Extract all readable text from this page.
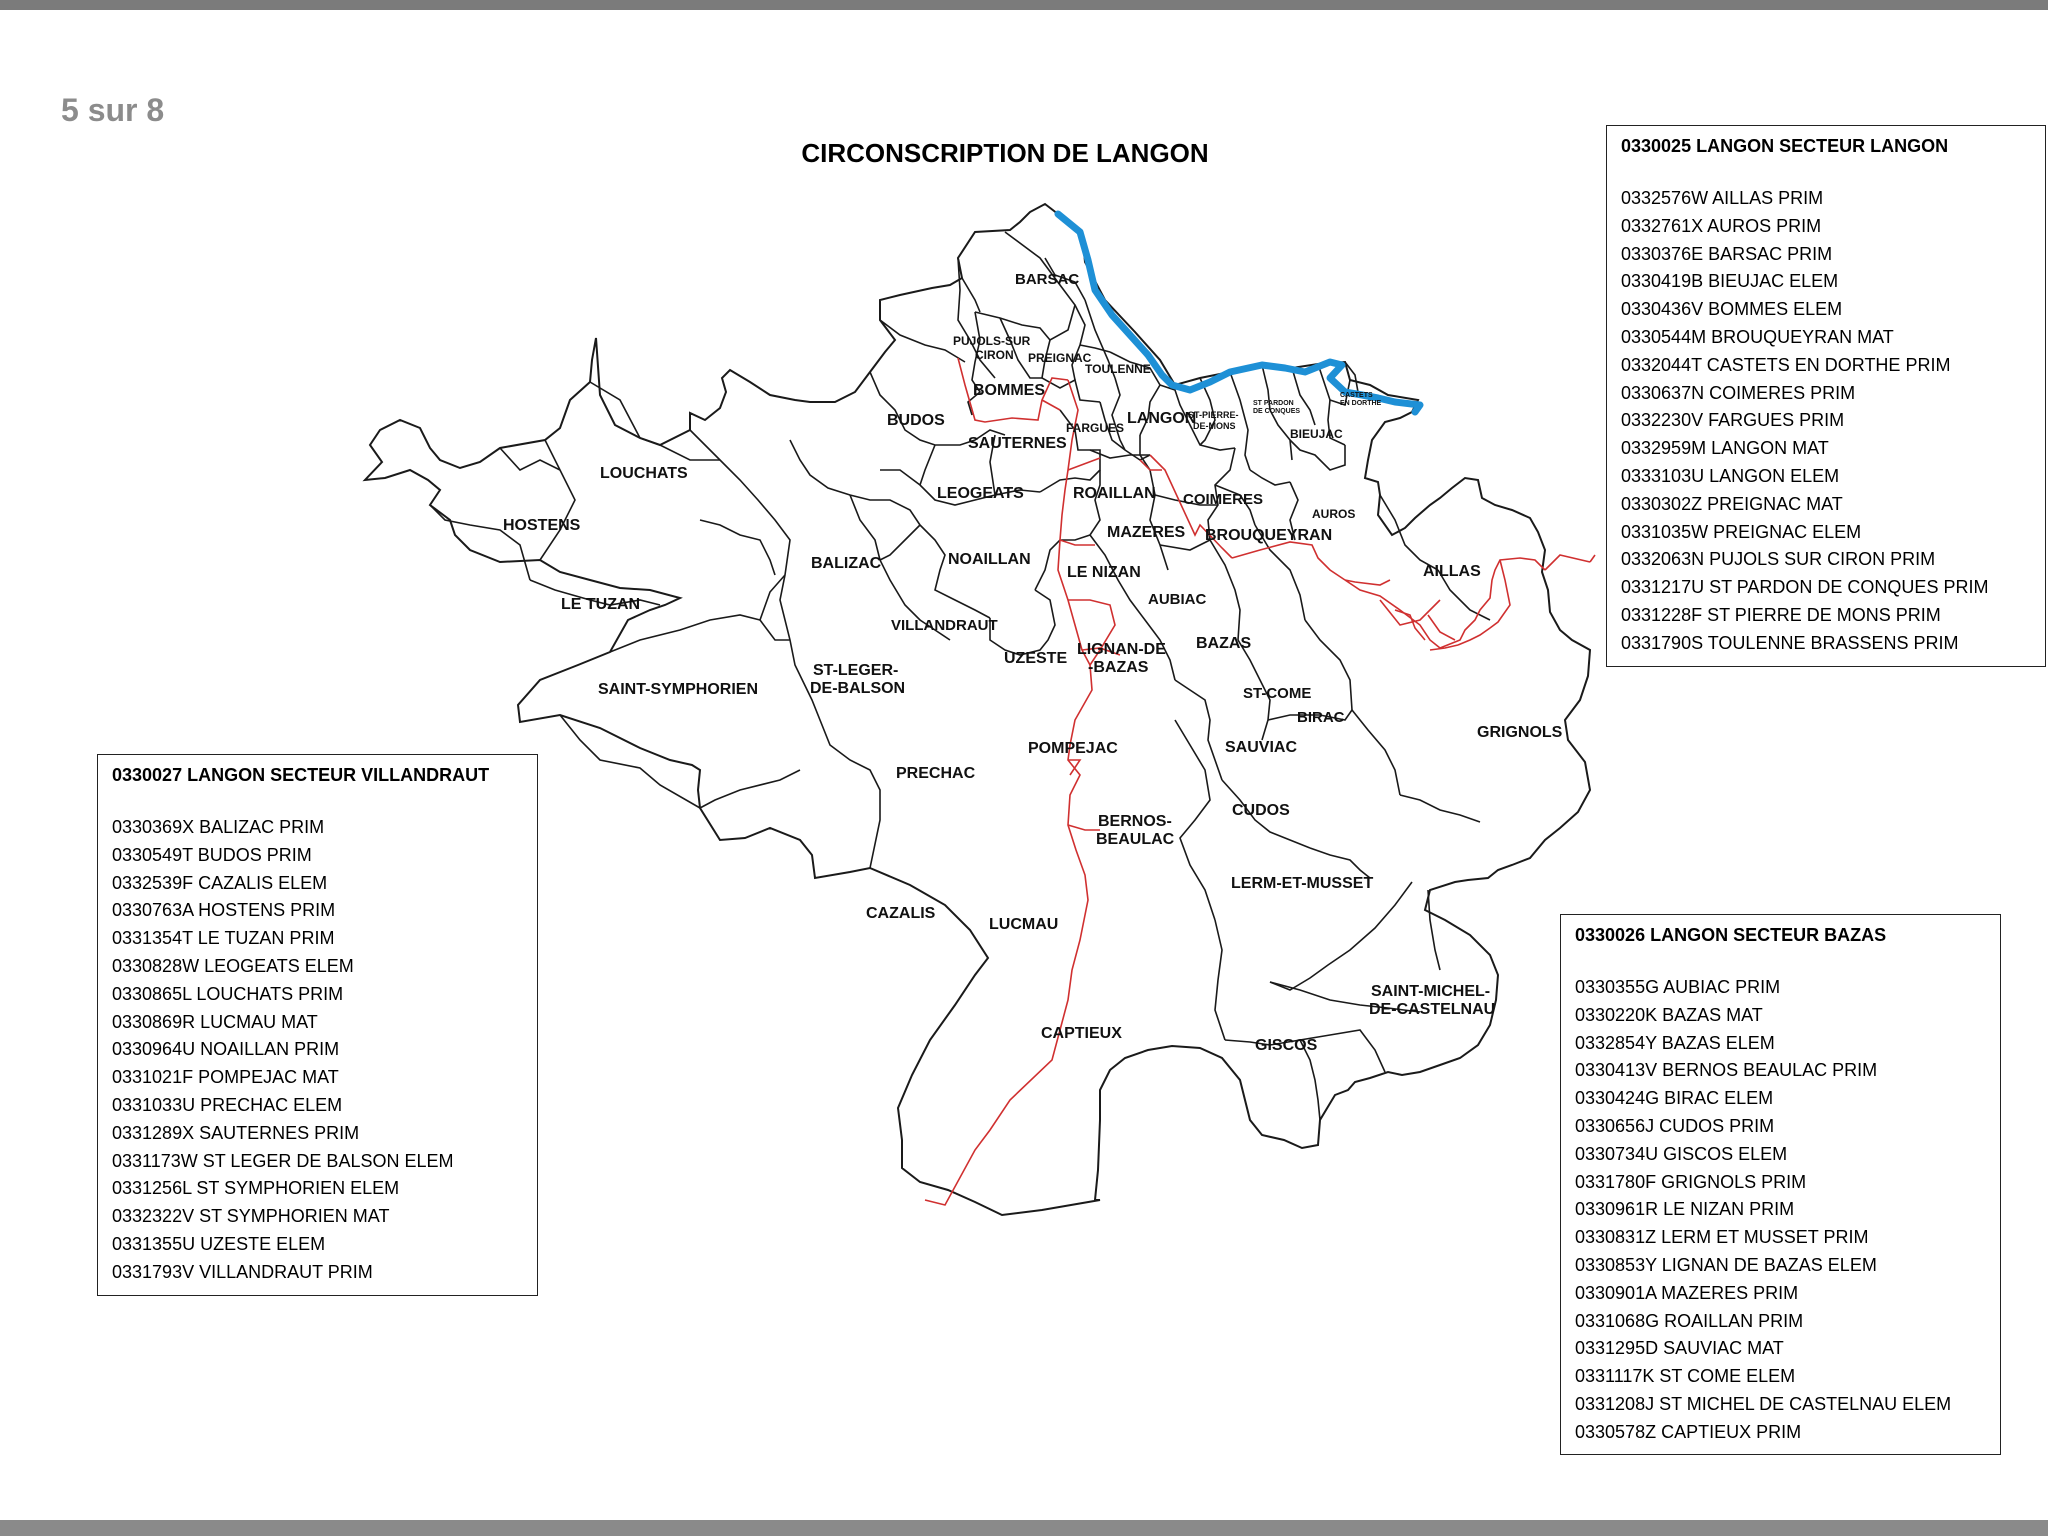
5 sur 8
CIRCONSCRIPTION DE LANGON
BARSAC
PUJOLS-SUR
CIRON PREIGNAC
TOULENNE
BOMMES
BUDOS	FARGUES
LANGON
ST-PIERRE-
DE-MONS
ST PARDON
DE CONQUES
CASTETS
EN DORTHE
BIEUJAC
SAUTERNES
LOUCHATS
HOSTENS
LEOGEATS	ROAILLAN COIMERES
AUROS
MAZERES BROUQUEYRAN
AILLAS
BALIZAC	NOAILLAN
LE NIZAN
AUBIAC
LE TUZAN
VILLANDRAUT
BAZAS
UZESTE
LIGNAN-DE
-BAZAS
SAINT-SYMPHORIEN
ST-LEGER-
DE-BALSON	ST-COME
BIRAC
GRIGNOLS
POMPEJAC	SAUVIAC
PRECHAC
CUDOS
BERNOS-
BEAULAC
LERM-ET-MUSSET
CAZALIS
LUCMAU
SAINT-MICHEL-
DE-CASTELNAU
CAPTIEUX
GISCOS
0330025 LANGON SECTEUR LANGON
0332576W AILLAS PRIM
0332761X AUROS PRIM
0330376E BARSAC PRIM
0330419B BIEUJAC ELEM
0330436V BOMMES ELEM
0330544M BROUQUEYRAN MAT
0332044T CASTETS EN DORTHE PRIM
0330637N COIMERES PRIM
0332230V FARGUES PRIM
0332959M LANGON MAT
0333103U LANGON ELEM
0330302Z PREIGNAC MAT
0331035W PREIGNAC ELEM
0332063N PUJOLS SUR CIRON PRIM
0331217U ST PARDON DE CONQUES PRIM
0331228F ST PIERRE DE MONS PRIM
0331790S TOULENNE BRASSENS PRIM
0330027 LANGON SECTEUR VILLANDRAUT
0330369X BALIZAC PRIM
0330549T BUDOS PRIM
0332539F CAZALIS ELEM
0330763A HOSTENS PRIM
0331354T LE TUZAN PRIM
0330828W LEOGEATS ELEM
0330865L LOUCHATS PRIM
0330869R LUCMAU MAT
0330964U NOAILLAN PRIM
0331021F POMPEJAC MAT
0331033U PRECHAC ELEM
0331289X SAUTERNES PRIM
0331173W ST LEGER DE BALSON ELEM
0331256L ST SYMPHORIEN ELEM
0332322V ST SYMPHORIEN MAT
0331355U UZESTE ELEM
0331793V VILLANDRAUT PRIM
0330026 LANGON SECTEUR BAZAS
0330355G AUBIAC PRIM
0330220K BAZAS MAT
0332854Y BAZAS ELEM
0330413V BERNOS BEAULAC PRIM
0330424G BIRAC ELEM
0330656J CUDOS PRIM
0330734U GISCOS ELEM
0331780F GRIGNOLS PRIM
0330961R LE NIZAN PRIM
0330831Z LERM ET MUSSET PRIM
0330853Y LIGNAN DE BAZAS ELEM
0330901A MAZERES PRIM
0331068G ROAILLAN PRIM
0331295D SAUVIAC MAT
0331117K ST COME ELEM
0331208J ST MICHEL DE CASTELNAU ELEM
0330578Z CAPTIEUX PRIM
